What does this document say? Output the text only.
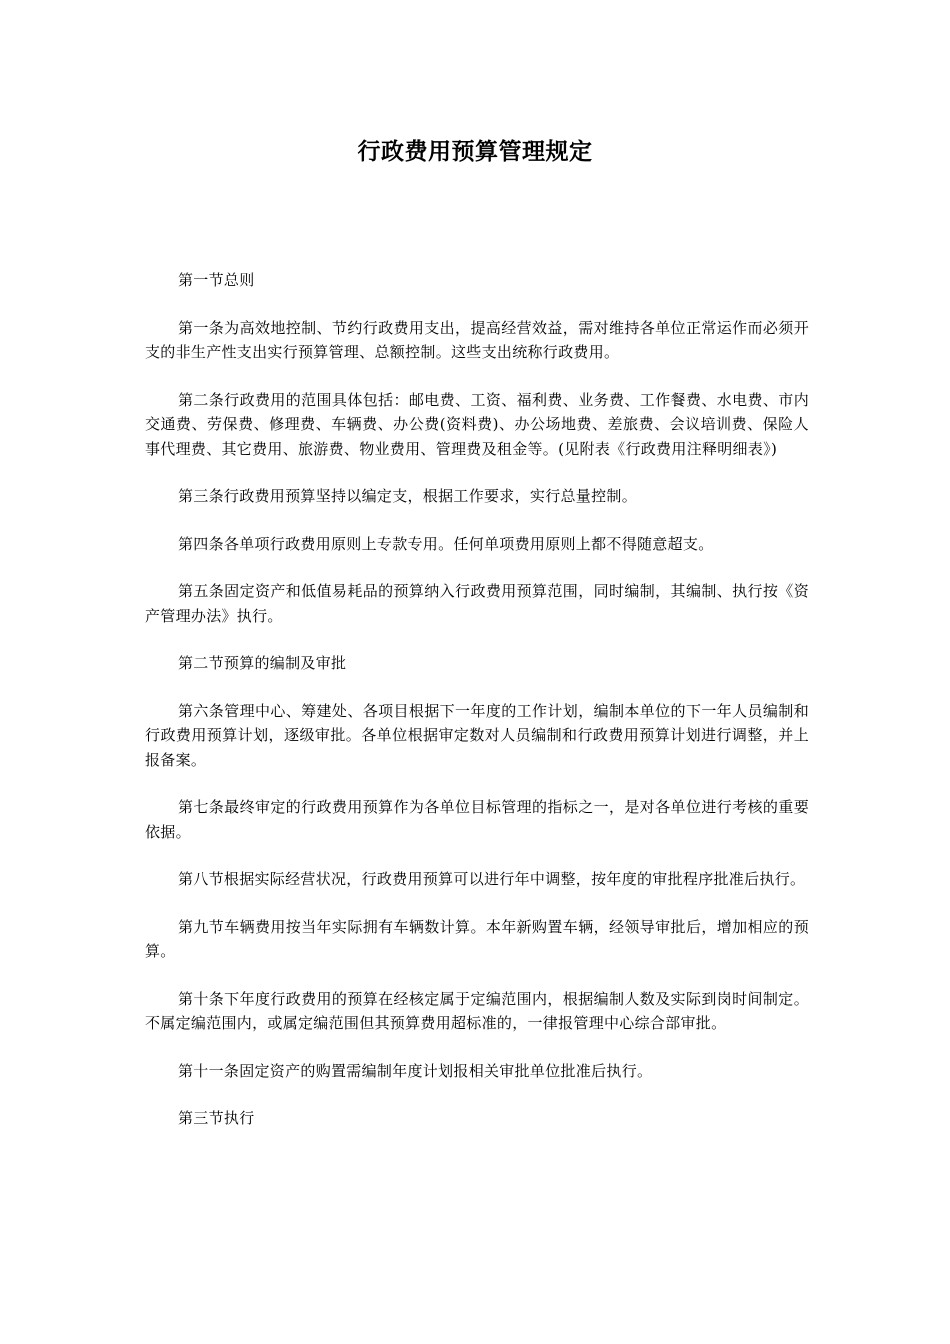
行政费用预算管理规定

第一节总则

第一条为高效地控制、节约行政费用支出，提高经营效益，需对维持各单位正常运作而必须开支的非生产性支出实行预算管理、总额控制。这些支出统称行政费用。

第二条行政费用的范围具体包括：邮电费、工资、福利费、业务费、工作餐费、水电费、市内交通费、劳保费、修理费、车辆费、办公费(资料费)、办公场地费、差旅费、会议培训费、保险人事代理费、其它费用、旅游费、物业费用、管理费及租金等。(见附表《行政费用注释明细表》)

第三条行政费用预算坚持以编定支，根据工作要求，实行总量控制。

第四条各单项行政费用原则上专款专用。任何单项费用原则上都不得随意超支。

第五条固定资产和低值易耗品的预算纳入行政费用预算范围，同时编制，其编制、执行按《资产管理办法》执行。

第二节预算的编制及审批

第六条管理中心、筹建处、各项目根据下一年度的工作计划，编制本单位的下一年人员编制和行政费用预算计划，逐级审批。各单位根据审定数对人员编制和行政费用预算计划进行调整，并上报备案。

第七条最终审定的行政费用预算作为各单位目标管理的指标之一，是对各单位进行考核的重要依据。

第八节根据实际经营状况，行政费用预算可以进行年中调整，按年度的审批程序批准后执行。

第九节车辆费用按当年实际拥有车辆数计算。本年新购置车辆，经领导审批后，增加相应的预算。

第十条下年度行政费用的预算在经核定属于定编范围内，根据编制人数及实际到岗时间制定。不属定编范围内，或属定编范围但其预算费用超标准的，一律报管理中心综合部审批。

第十一条固定资产的购置需编制年度计划报相关审批单位批准后执行。

第三节执行
